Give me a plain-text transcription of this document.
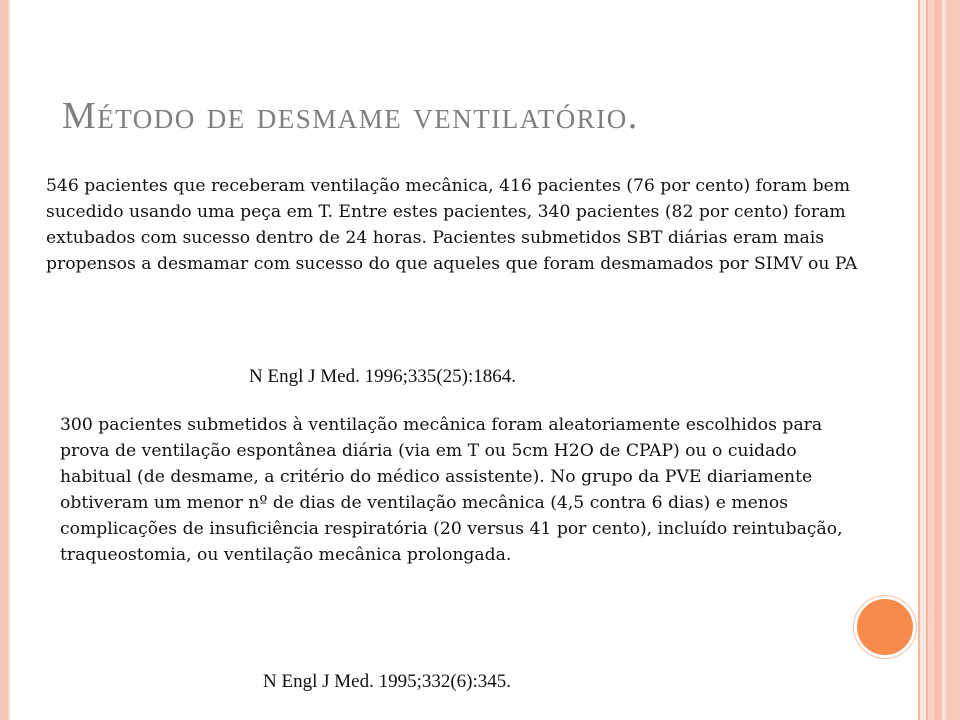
Método de desmame ventilatório.

546 pacientes que receberam ventilação mecânica, 416 pacientes (76 por cento) foram bem sucedido usando uma peça em T. Entre estes pacientes, 340 pacientes (82 por cento) foram extubados com sucesso dentro de 24 horas. Pacientes submetidos SBT diárias eram mais propensos a desmamar com sucesso do que aqueles que foram desmamados por SIMV ou PA

N Engl J Med. 1996;335(25):1864.

300 pacientes submetidos à ventilação mecânica foram aleatoriamente escolhidos para prova de ventilação espontânea diária (via em T ou 5cm H2O de CPAP) ou o cuidado habitual (de desmame, a critério do médico assistente). No grupo da PVE diariamente obtiveram um menor nº de dias de ventilação mecânica (4,5 contra 6 dias) e menos complicações de insuficiência respiratória (20 versus 41 por cento), incluído reintubação, traqueostomia, ou ventilação mecânica prolongada.

N Engl J Med. 1995;332(6):345.
